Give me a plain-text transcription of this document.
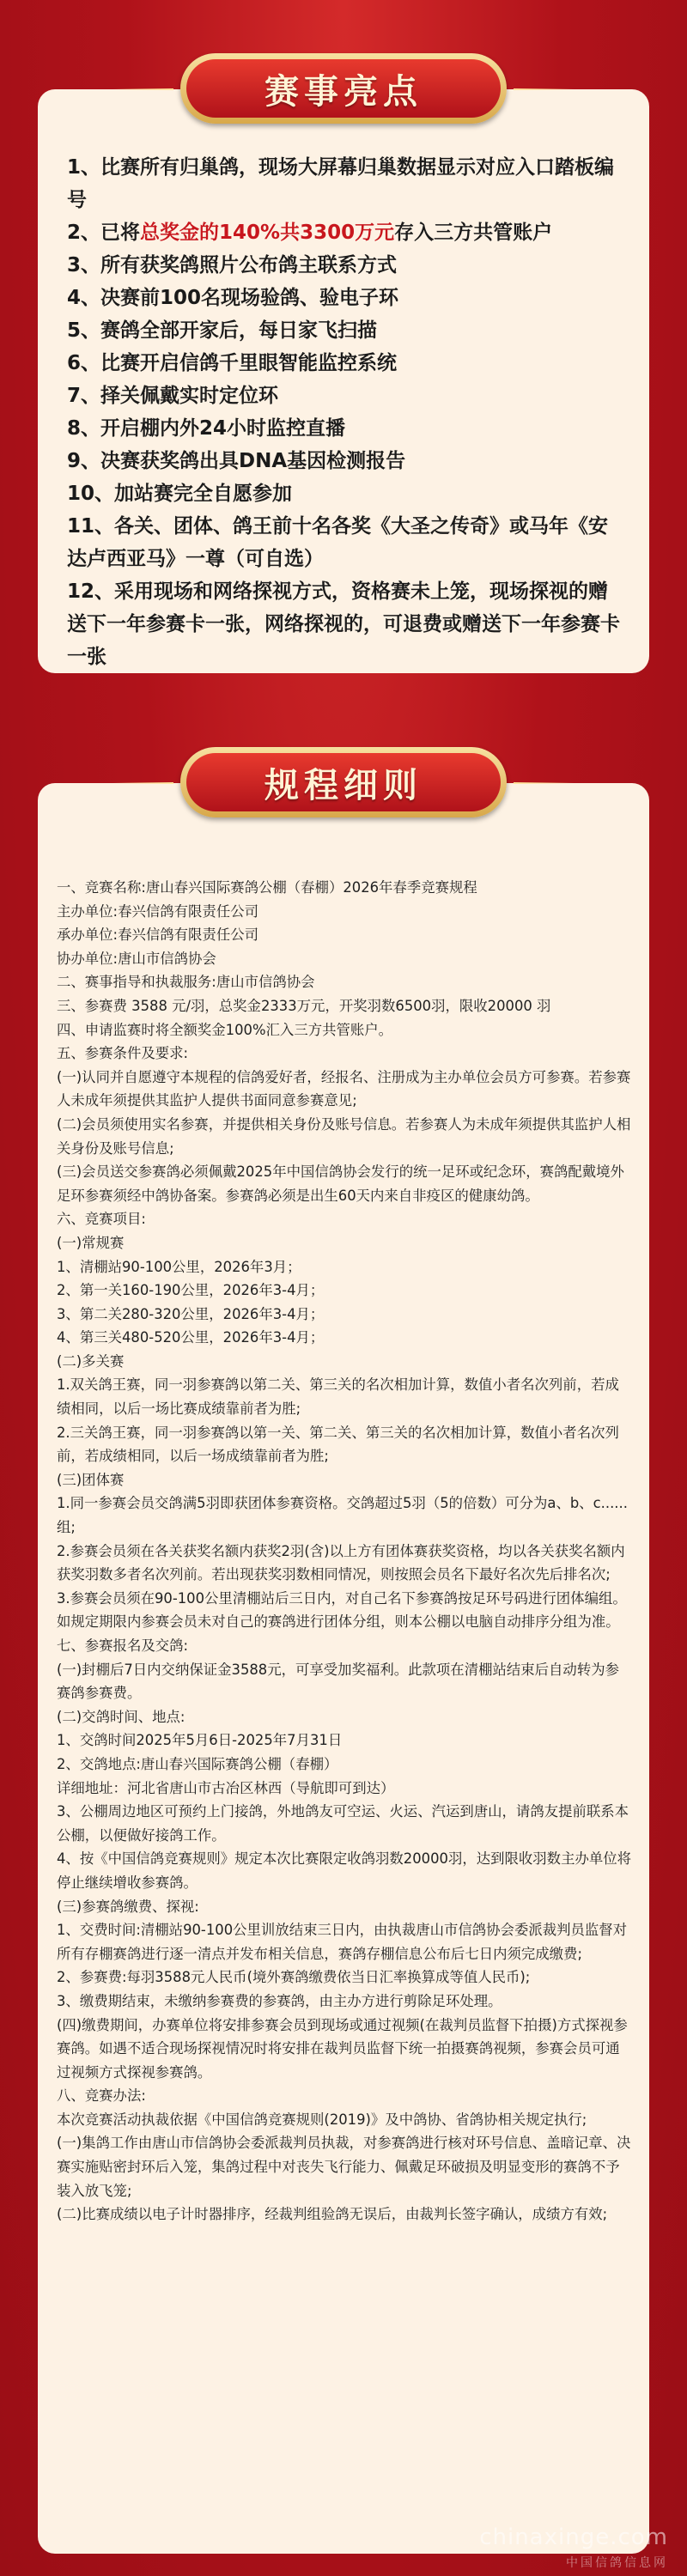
1、比赛所有归巢鸽，现场大屏幕归巢数据显示对应入口踏板编号
2、已将总奖金的140%共3300万元存入三方共管账户
3、所有获奖鸽照片公布鸽主联系方式
4、决赛前100名现场验鸽、验电子环
5、赛鸽全部开家后，每日家飞扫描
6、比赛开启信鸽千里眼智能监控系统
7、择关佩戴实时定位环
8、开启棚内外24小时监控直播
9、决赛获奖鸽出具DNA基因检测报告
10、加站赛完全自愿参加
11、各关、团体、鸽王前十名各奖《大圣之传奇》或马年《安达卢西亚马》一尊（可自选）
12、采用现场和网络探视方式，资格赛未上笼，现场探视的赠送下一年参赛卡一张，网络探视的，可退费或赠送下一年参赛卡一张
赛事亮点

一、竞赛名称:唐山春兴国际赛鸽公棚（春棚）2026年春季竞赛规程

主办单位:春兴信鸽有限责任公司

承办单位:春兴信鸽有限责任公司

协办单位:唐山市信鸽协会

二、赛事指导和执裁服务:唐山市信鸽协会

三、参赛费 3588 元/羽，总奖金2333万元，开奖羽数6500羽，限收20000 羽

四、申请监赛时将全额奖金100%汇入三方共管账户。

五、参赛条件及要求:

(一)认同并自愿遵守本规程的信鸽爱好者，经报名、注册成为主办单位会员方可参赛。若参赛人未成年须提供其监护人提供书面同意参赛意见;

(二)会员须使用实名参赛，并提供相关身份及账号信息。若参赛人为未成年须提供其监护人相关身份及账号信息;

(三)会员送交参赛鸽必须佩戴2025年中国信鸽协会发行的统一足环或纪念环，赛鸽配戴境外足环参赛须经中鸽协备案。参赛鸽必须是出生60天内来自非疫区的健康幼鸽。

六、竞赛项目:

(一)常规赛

1、清棚站90-100公里，2026年3月；

2、第一关160-190公里，2026年3-4月；

3、第二关280-320公里，2026年3-4月；

4、第三关480-520公里，2026年3-4月；

(二)多关赛

1.双关鸽王赛，同一羽参赛鸽以第二关、第三关的名次相加计算，数值小者名次列前，若成绩相同，以后一场比赛成绩靠前者为胜;

2.三关鸽王赛，同一羽参赛鸽以第一关、第二关、第三关的名次相加计算，数值小者名次列前，若成绩相同，以后一场成绩靠前者为胜;

(三)团体赛

1.同一参赛会员交鸽满5羽即获团体参赛资格。交鸽超过5羽（5的倍数）可分为a、b、c......组;

2.参赛会员须在各关获奖名额内获奖2羽(含)以上方有团体赛获奖资格，均以各关获奖名额内获奖羽数多者名次列前。若出现获奖羽数相同情况，则按照会员名下最好名次先后排名次;

3.参赛会员须在90-100公里清棚站后三日内，对自己名下参赛鸽按足环号码进行团体编组。如规定期限内参赛会员未对自己的赛鸽进行团体分组，则本公棚以电脑自动排序分组为准。

七、参赛报名及交鸽:

(一)封棚后7日内交纳保证金3588元，可享受加奖福利。此款项在清棚站结束后自动转为参赛鸽参赛费。

(二)交鸽时间、地点:

1、交鸽时间2025年5月6日-2025年7月31日

2、交鸽地点:唐山春兴国际赛鸽公棚（春棚）

详细地址：河北省唐山市古冶区林西（导航即可到达）

3、公棚周边地区可预约上门接鸽，外地鸽友可空运、火运、汽运到唐山，请鸽友提前联系本公棚，以便做好接鸽工作。

4、按《中国信鸽竞赛规则》规定本次比赛限定收鸽羽数20000羽，达到限收羽数主办单位将停止继续增收参赛鸽。

(三)参赛鸽缴费、探视:

1、交费时间:清棚站90-100公里训放结束三日内，由执裁唐山市信鸽协会委派裁判员监督对所有存棚赛鸽进行逐一清点并发布相关信息，赛鸽存棚信息公布后七日内须完成缴费;

2、参赛费:每羽3588元人民币(境外赛鸽缴费依当日汇率换算成等值人民币);

3、缴费期结束，未缴纳参赛费的参赛鸽，由主办方进行剪除足环处理。

(四)缴费期间，办赛单位将安排参赛会员到现场或通过视频(在裁判员监督下拍摄)方式探视参赛鸽。如遇不适合现场探视情况时将安排在裁判员监督下统一拍摄赛鸽视频，参赛会员可通过视频方式探视参赛鸽。

八、竞赛办法:

本次竞赛活动执裁依据《中国信鸽竞赛规则(2019)》及中鸽协、省鸽协相关规定执行;

(一)集鸽工作由唐山市信鸽协会委派裁判员执裁，对参赛鸽进行核对环号信息、盖暗记章、决赛实施贴密封环后入笼，集鸽过程中对丧失飞行能力、佩戴足环破损及明显变形的赛鸽不予装入放飞笼;

(二)比赛成绩以电子计时器排序，经裁判组验鸽无误后，由裁判长签字确认，成绩方有效;

规程细则
chinaxinge.com
中国信鸽信息网
